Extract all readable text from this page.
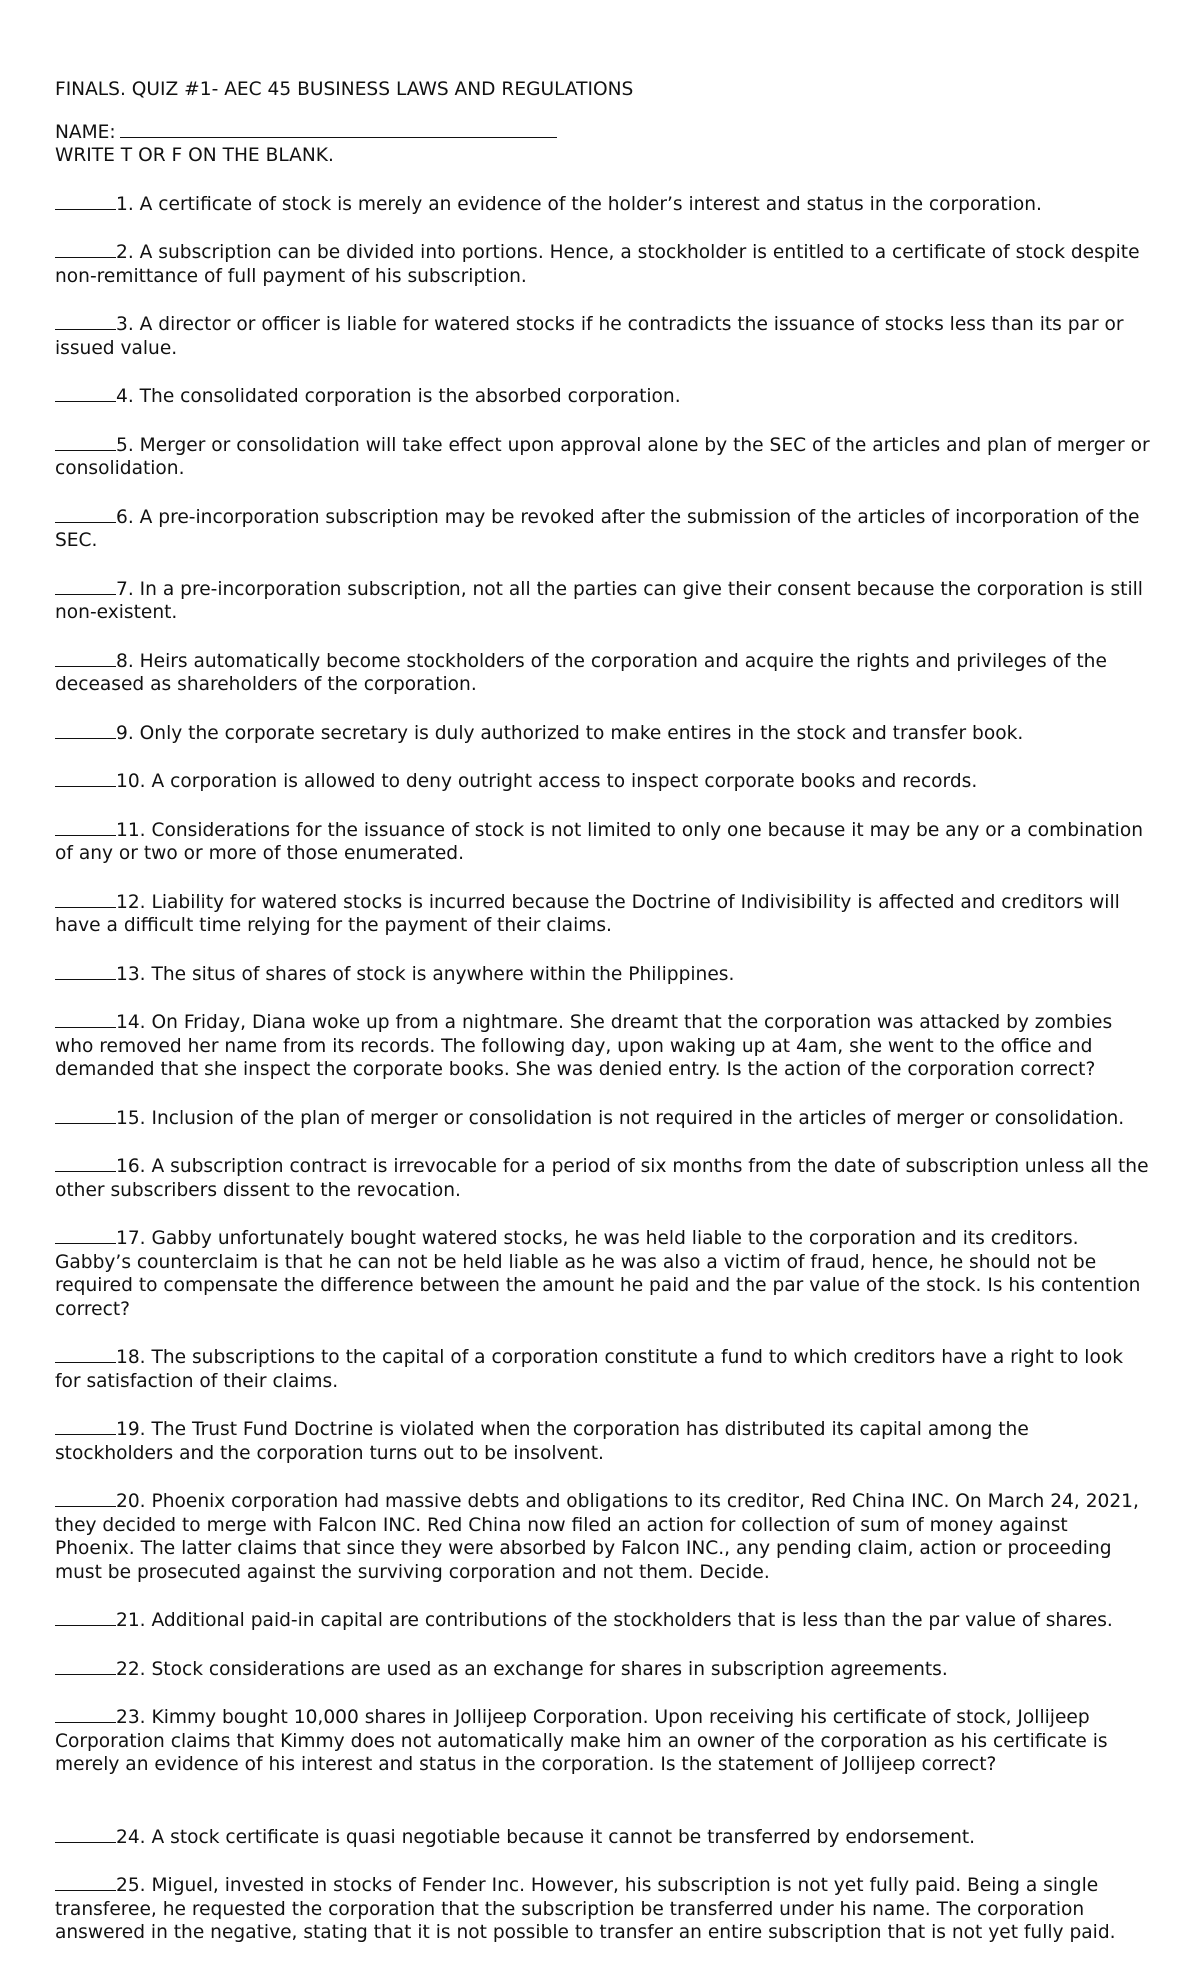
FINALS. QUIZ #1- AEC 45 BUSINESS LAWS AND REGULATIONS
NAME:
WRITE T OR F ON THE BLANK.
1. A certificate of stock is merely an evidence of the holder’s interest and status in the corporation.
2. A subscription can be divided into portions. Hence, a stockholder is entitled to a certificate of stock despite non-remittance of full payment of his subscription.
3. A director or officer is liable for watered stocks if he contradicts the issuance of stocks less than its par or issued value.
4. The consolidated corporation is the absorbed corporation.
5. Merger or consolidation will take effect upon approval alone by the SEC of the articles and plan of merger or consolidation.
6. A pre-incorporation subscription may be revoked after the submission of the articles of incorporation of the SEC.
7. In a pre-incorporation subscription, not all the parties can give their consent because the corporation is still non-existent.
8. Heirs automatically become stockholders of the corporation and acquire the rights and privileges of the deceased as shareholders of the corporation.
9. Only the corporate secretary is duly authorized to make entires in the stock and transfer book.
10. A corporation is allowed to deny outright access to inspect corporate books and records.
11. Considerations for the issuance of stock is not limited to only one because it may be any or a combination of any or two or more of those enumerated.
12. Liability for watered stocks is incurred because the Doctrine of Indivisibility is affected and creditors will have a difficult time relying for the payment of their claims.
13. The situs of shares of stock is anywhere within the Philippines.
14. On Friday, Diana woke up from a nightmare. She dreamt that the corporation was attacked by zombies who removed her name from its records. The following day, upon waking up at 4am, she went to the office and demanded that she inspect the corporate books. She was denied entry. Is the action of the corporation correct?
15. Inclusion of the plan of merger or consolidation is not required in the articles of merger or consolidation.
16. A subscription contract is irrevocable for a period of six months from the date of subscription unless all the other subscribers dissent to the revocation.
17. Gabby unfortunately bought watered stocks, he was held liable to the corporation and its creditors. Gabby’s counterclaim is that he can not be held liable as he was also a victim of fraud, hence, he should not be required to compensate the difference between the amount he paid and the par value of the stock. Is his contention correct?
18. The subscriptions to the capital of a corporation constitute a fund to which creditors have a right to look for satisfaction of their claims.
19. The Trust Fund Doctrine is violated when the corporation has distributed its capital among the stockholders and the corporation turns out to be insolvent.
20. Phoenix corporation had massive debts and obligations to its creditor, Red China INC. On March 24, 2021, they decided to merge with Falcon INC. Red China now filed an action for collection of sum of money against Phoenix. The latter claims that since they were absorbed by Falcon INC., any pending claim, action or proceeding must be prosecuted against the surviving corporation and not them. Decide.
21. Additional paid-in capital are contributions of the stockholders that is less than the par value of shares.
22. Stock considerations are used as an exchange for shares in subscription agreements.
23. Kimmy bought 10,000 shares in Jollijeep Corporation. Upon receiving his certificate of stock, Jollijeep Corporation claims that Kimmy does not automatically make him an owner of the corporation as his certificate is merely an evidence of his interest and status in the corporation. Is the statement of Jollijeep correct?
24. A stock certificate is quasi negotiable because it cannot be transferred by endorsement.
25. Miguel, invested in stocks of Fender Inc. However, his subscription is not yet fully paid. Being a single transferee, he requested the corporation that the subscription be transferred under his name. The corporation answered in the negative, stating that it is not possible to transfer an entire subscription that is not yet fully paid.
